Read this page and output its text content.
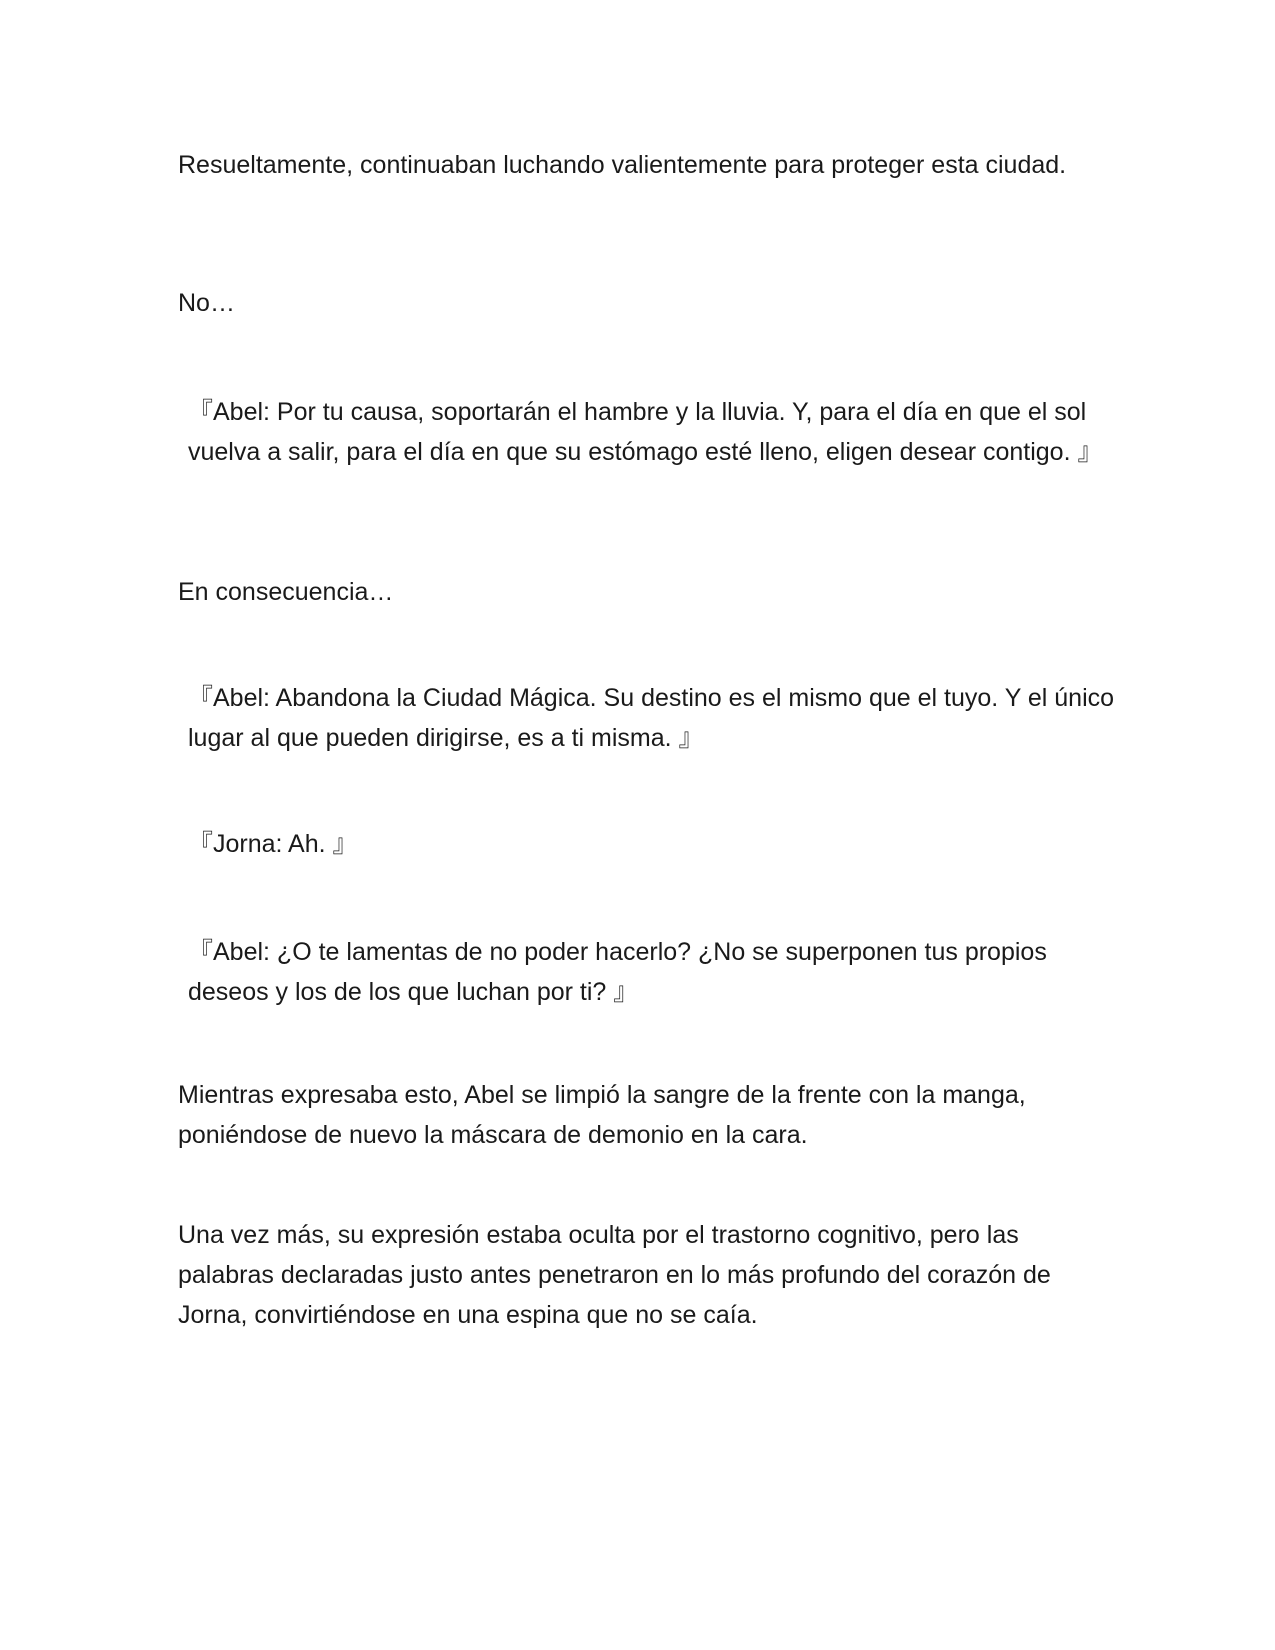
Resueltamente, continuaban luchando valientemente para proteger esta ciudad.

No…

『Abel: Por tu causa, soportarán el hambre y la lluvia. Y, para el día en que el sol vuelva a salir, para el día en que su estómago esté lleno, eligen desear contigo. 』

En consecuencia…

『Abel: Abandona la Ciudad Mágica. Su destino es el mismo que el tuyo. Y el único lugar al que pueden dirigirse, es a ti misma. 』

『Jorna: Ah. 』

『Abel: ¿O te lamentas de no poder hacerlo? ¿No se superponen tus propios deseos y los de los que luchan por ti? 』

Mientras expresaba esto, Abel se limpió la sangre de la frente con la manga, poniéndose de nuevo la máscara de demonio en la cara.

Una vez más, su expresión estaba oculta por el trastorno cognitivo, pero las palabras declaradas justo antes penetraron en lo más profundo del corazón de Jorna, convirtiéndose en una espina que no se caía.
